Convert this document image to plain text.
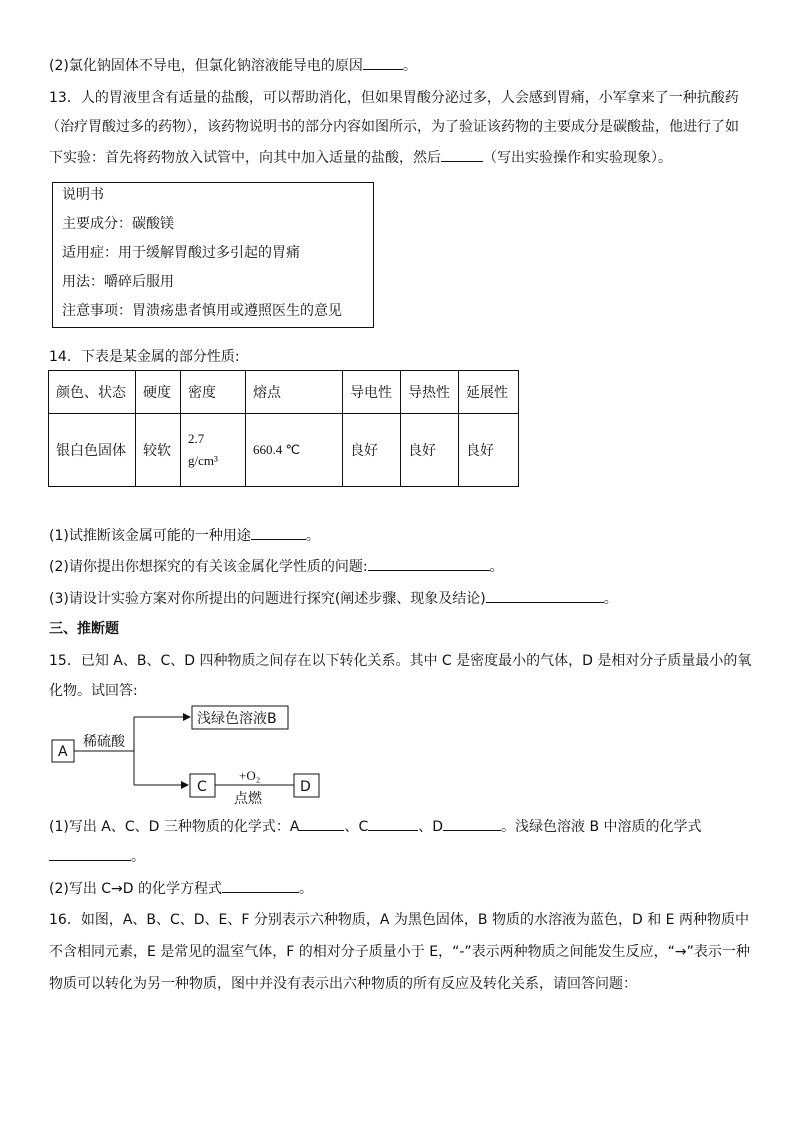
(2)氯化钠固体不导电，但氯化钠溶液能导电的原因	。
13．人的胃液里含有适量的盐酸，可以帮助消化，但如果胃酸分泌过多，人会感到胃痛，小军拿来了一种抗酸药
（治疗胃酸过多的药物），该药物说明书的部分内容如图所示，为了验证该药物的主要成分是碳酸盐，他进行了如
下实验：首先将药物放入试管中，向其中加入适量的盐酸，然后	（写出实验操作和实验现象）。
说明书
主要成分：碳酸镁
适用症：用于缓解胃酸过多引起的胃痛
用法：嚼碎后服用
注意事项：胃溃疡患者慎用或遵照医生的意见
14．下表是某金属的部分性质:
颜色、状态	硬度	密度	熔点	导电性	导热性	延展性
银白色固体	较软	2.7
g/cm³	660.4 ℃	良好	良好	良好
(1)试推断该金属可能的一种用途	。
(2)请你提出你想探究的有关该金属化学性质的问题:	。
(3)请设计实验方案对你所提出的问题进行探究(阐述步骤、现象及结论)	。
三、推断题
15．已知 A、B、C、D 四种物质之间存在以下转化关系。其中 C 是密度最小的气体，D 是相对分子质量最小的氧
化物。试回答:
A
稀硫酸
浅绿色溶液B
C
+O₂
点燃
D
(1)写出 A、C、D 三种物质的化学式：A	、C	、D	。浅绿色溶液 B 中溶质的化学式
。
(2)写出 C→D 的化学方程式	。
16．如图，A、B、C、D、E、F 分别表示六种物质，A 为黑色固体，B 物质的水溶液为蓝色，D 和 E 两种物质中
不含相同元素，E 是常见的温室气体，F 的相对分子质量小于 E，“-”表示两种物质之间能发生反应，“→”表示一种
物质可以转化为另一种物质，图中并没有表示出六种物质的所有反应及转化关系，请回答问题：
